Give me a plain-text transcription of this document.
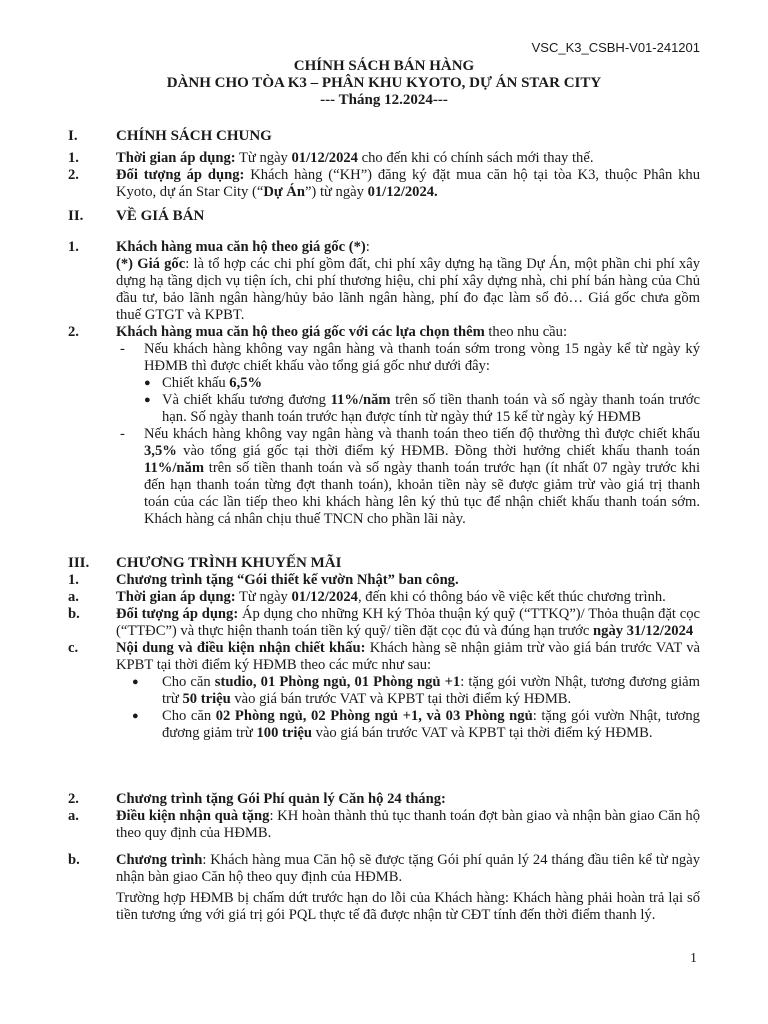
VSC_K3_CSBH-V01-241201
CHÍNH SÁCH BÁN HÀNG
DÀNH CHO TÒA K3 – PHÂN KHU KYOTO, DỰ ÁN STAR CITY
--- Tháng 12.2024---
I.	CHÍNH SÁCH CHUNG
1.	Thời gian áp dụng: Từ ngày 01/12/2024 cho đến khi có chính sách mới thay thế.
2.	Đối tượng áp dụng: Khách hàng (“KH”) đăng ký đặt mua căn hộ tại tòa K3, thuộc Phân khu Kyoto, dự án Star City (“Dự Án”) từ ngày 01/12/2024.
II.	VỀ GIÁ BÁN
1.	Khách hàng mua căn hộ theo giá gốc (*):
(*) Giá gốc: là tổ hợp các chi phí gồm đất, chi phí xây dựng hạ tầng Dự Án, một phần chi phí xây dựng hạ tầng dịch vụ tiện ích, chi phí thương hiệu, chi phí xây dựng nhà, chi phí bán hàng của Chủ đầu tư, bảo lãnh ngân hàng/hủy bảo lãnh ngân hàng, phí đo đạc làm sổ đỏ… Giá gốc chưa gồm thuế GTGT và KPBT.
2.	Khách hàng mua căn hộ theo giá gốc với các lựa chọn thêm theo nhu cầu:
-	Nếu khách hàng không vay ngân hàng và thanh toán sớm trong vòng 15 ngày kể từ ngày ký HĐMB thì được chiết khấu vào tổng giá gốc như dưới đây:
● Chiết khấu 6,5%
● Và chiết khấu tương đương 11%/năm trên số tiền thanh toán và số ngày thanh toán trước hạn. Số ngày thanh toán trước hạn được tính từ ngày thứ 15 kể từ ngày ký HĐMB
-	Nếu khách hàng không vay ngân hàng và thanh toán theo tiến độ thường thì được chiết khấu 3,5% vào tổng giá gốc tại thời điểm ký HĐMB. Đồng thời hưởng chiết khấu thanh toán 11%/năm trên số tiền thanh toán và số ngày thanh toán trước hạn (ít nhất 07 ngày trước khi đến hạn thanh toán từng đợt thanh toán), khoản tiền này sẽ được giảm trừ vào giá trị thanh toán của các lần tiếp theo khi khách hàng lên ký thủ tục để nhận chiết khấu thanh toán sớm. Khách hàng cá nhân chịu thuế TNCN cho phần lãi này.
III.	CHƯƠNG TRÌNH KHUYẾN MÃI
1.	Chương trình tặng “Gói thiết kế vườn Nhật” ban công.
a.	Thời gian áp dụng: Từ ngày 01/12/2024, đến khi có thông báo về việc kết thúc chương trình.
b.	Đối tượng áp dụng: Áp dụng cho những KH ký Thỏa thuận ký quỹ (“TTKQ”)/ Thỏa thuận đặt cọc (“TTĐC”) và thực hiện thanh toán tiền ký quỹ/ tiền đặt cọc đủ và đúng hạn trước ngày 31/12/2024
c.	Nội dung và điều kiện nhận chiết khấu: Khách hàng sẽ nhận giảm trừ vào giá bán trước VAT và KPBT tại thời điểm ký HĐMB theo các mức như sau:
●	Cho căn studio, 01 Phòng ngủ, 01 Phòng ngủ +1: tặng gói vườn Nhật, tương đương giảm trừ 50 triệu vào giá bán trước VAT và KPBT tại thời điểm ký HĐMB.
●	Cho căn 02 Phòng ngủ, 02 Phòng ngủ +1, và 03 Phòng ngủ: tặng gói vườn Nhật, tương đương giảm trừ 100 triệu vào giá bán trước VAT và KPBT tại thời điểm ký HĐMB.
2.	Chương trình tặng Gói Phí quản lý Căn hộ 24 tháng:
a.	Điều kiện nhận quà tặng: KH hoàn thành thủ tục thanh toán đợt bàn giao và nhận bàn giao Căn hộ theo quy định của HĐMB.
b.	Chương trình: Khách hàng mua Căn hộ sẽ được tặng Gói phí quản lý 24 tháng đầu tiên kể từ ngày nhận bàn giao Căn hộ theo quy định của HĐMB.
Trường hợp HĐMB bị chấm dứt trước hạn do lỗi của Khách hàng: Khách hàng phải hoàn trả lại số tiền tương ứng với giá trị gói PQL thực tế đã được nhận từ CĐT tính đến thời điểm thanh lý.
1
